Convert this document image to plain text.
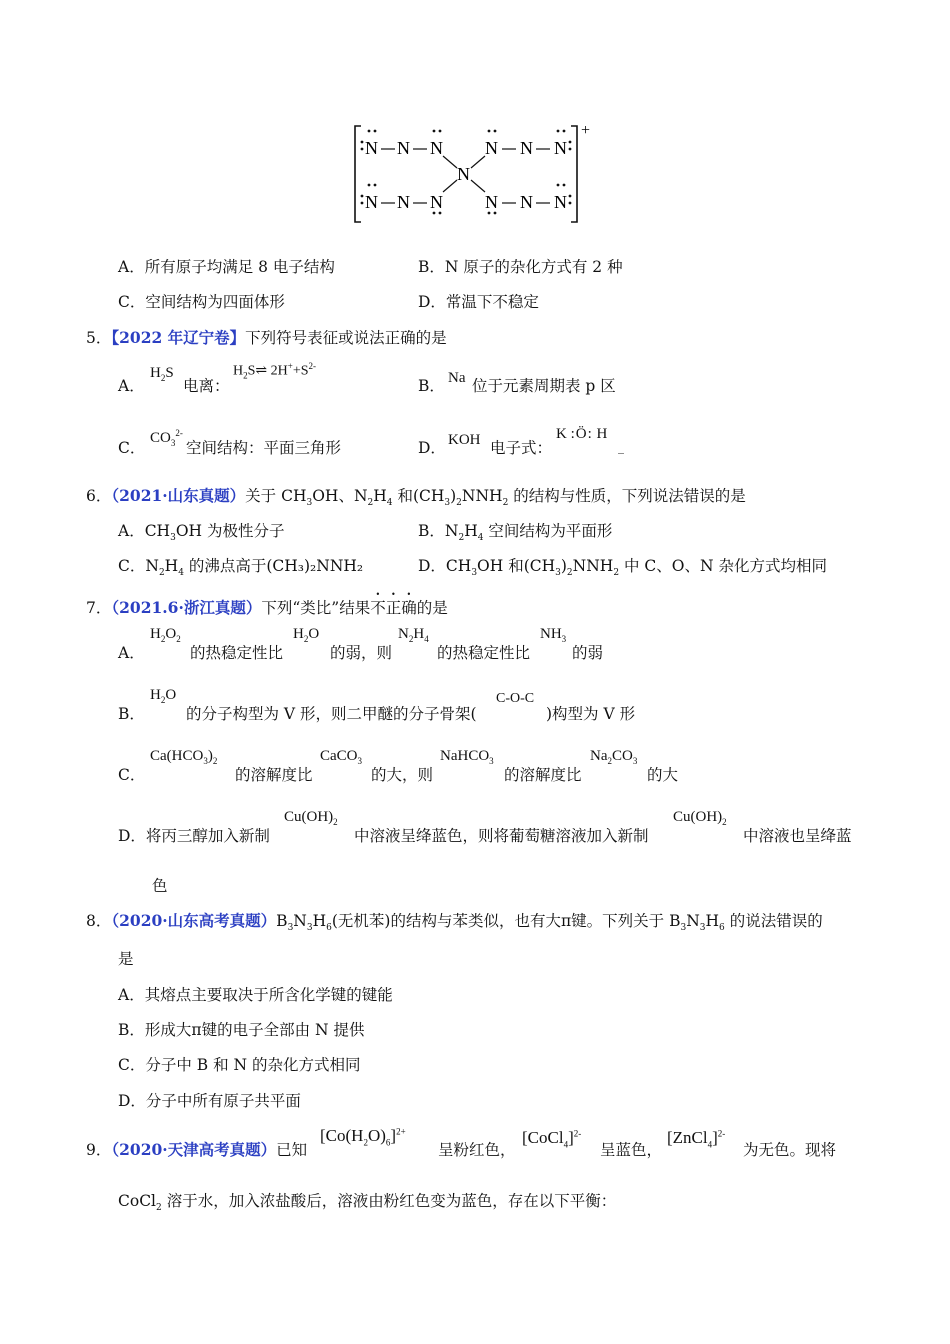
+
N N N N N N
N
N N N N N N
A．所有原子均满足 8 电子结构	B．N 原子的杂化方式有 2 种
C．空间结构为四面体形	D．常温下不稳定
5．【2022 年辽宁卷】下列符号表征或说法正确的是
A．
$H_2S$
电离：
$H_2S\rightleftharpoons$ $2H^++S^{2-}$
B． Na 位于元素周期表 p 区
C．
$CO_3^{2-}$
空间结构：平面三角形	D． KOH 电子式：
K :Ö: H
_
6．（2021·山东真题）关于 $CH_3OH$、$N_2H_4$ 和$(CH_3)_2NNH_2$ 的结构与性质，下列说法错误的是
A．$CH_3OH$ 为极性分子	B．$N_2H_4$ 空间结构为平面形
C．$N_2H_4$ 的沸点高于(CH₃)₂NNH₂	D．$CH_3OH$ 和$(CH_3)_2NNH_2$ 中 C、O、N 杂化方式均相同
7．（2021.6·浙江真题）下列“类比”结果不正确的是
A．
$H_2O_2$
的热稳定性比
$H_2O$
的弱，则
$N_2H_4$
的热稳定性比
$NH_3$
的弱
B．
$H_2O$
的分子构型为 V 形，则二甲醚的分子骨架(
C-O-C
)构型为 V 形
C．
$Ca(HCO_3)_2$
的溶解度比
CaCO$_3$
的大，则
NaHCO$_3$
的溶解度比
$Na_2CO_3$
的大
D．将丙三醇加入新制
$Cu(OH)_2$
中溶液呈绛蓝色，则将葡萄糖溶液加入新制
$Cu(OH)_2$
中溶液也呈绛蓝
色
8．（2020·山东高考真题）$B_3N_3H_6$(无机苯)的结构与苯类似，也有大π键。下列关于 $B_3N_3H_6$ 的说法错误的
是
A．其熔点主要取决于所含化学键的键能
B．形成大π键的电子全部由 N 提供
C．分子中 B 和 N 的杂化方式相同
D．分子中所有原子共平面
9．（2020·天津高考真题）已知
$[Co(H_2O)_6]^{2+}$
呈粉红色，
[CoCl$_4$]$^{2-}$
呈蓝色，
[ZnCl$_4$]$^{2-}$
为无色。现将
CoCl$_2$ 溶于水，加入浓盐酸后，溶液由粉红色变为蓝色，存在以下平衡：
